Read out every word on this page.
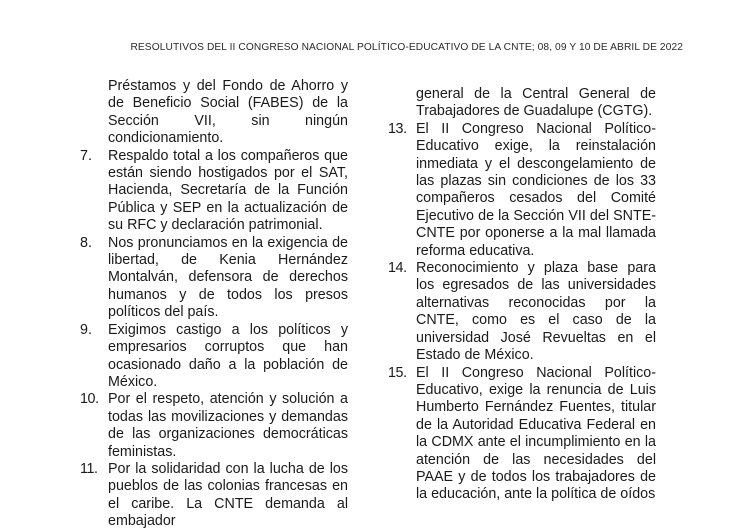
RESOLUTIVOS DEL II CONGRESO NACIONAL POLÍTICO-EDUCATIVO DE LA CNTE; 08, 09 Y 10 DE ABRIL DE 2022

Préstamos y del Fondo de Ahorro y de Beneficio Social (FABES) de la Sección VII, sin ningún condicionamiento.

7.	Respaldo total a los compañeros que están siendo hostigados por el SAT, Hacienda, Secretaría de la Función Pública y SEP en la actualización de su RFC y declaración patrimonial.
8.	Nos pronunciamos en la exigencia de libertad, de Kenia Hernández Montalván, defensora de derechos humanos y de todos los presos políticos del país.
9.	Exigimos castigo a los políticos y empresarios corruptos que han ocasionado daño a la población de México.
10. Por el respeto, atención y solución a todas las movilizaciones y demandas de las organizaciones democráticas feministas.
11. Por la solidaridad con la lucha de los pueblos de las colonias francesas en el caribe. La CNTE demanda al embajador

general de la Central General de Trabajadores de Guadalupe (CGTG).

13. El II Congreso Nacional Político-Educativo exige, la reinstalación inmediata y el descongelamiento de las plazas sin condiciones de los 33 compañeros cesados del Comité Ejecutivo de la Sección VII del SNTE-CNTE por oponerse a la mal llamada reforma educativa.
14. Reconocimiento y plaza base para los egresados de las universidades alternativas reconocidas por la CNTE, como es el caso de la universidad José Revueltas en el Estado de México.
15. El II Congreso Nacional Político-Educativo, exige la renuncia de Luis Humberto Fernández Fuentes, titular de la Autoridad Educativa Federal en la CDMX ante el incumplimiento en la atención de las necesidades del PAAE y de todos los trabajadores de la educación, ante la política de oídos
